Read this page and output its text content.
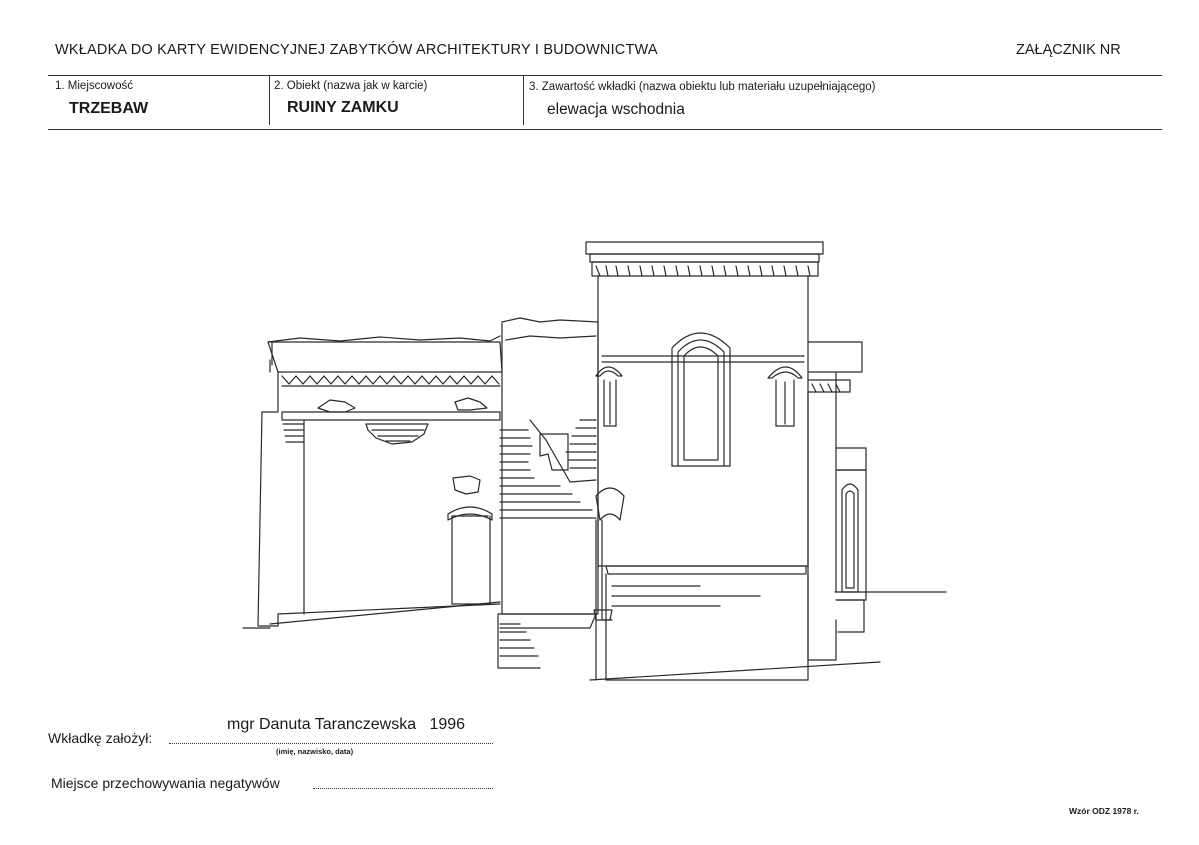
WKŁADKA DO KARTY EWIDENCYJNEJ ZABYTKÓW ARCHITEKTURY I BUDOWNICTWA	ZAŁĄCZNIK NR
1. Miejscowość
TRZEBAW
2. Obiekt (nazwa jak w karcie)
RUINY ZAMKU
3. Zawartość wkładki (nazwa obiektu lub materiału uzupełniającego)
elewacja wschodnia
mgr Danuta Taranczewska   1996
Wkładkę założył:
(imię, nazwisko, data)
Miejsce przechowywania negatywów
Wzór ODZ 1978 r.
